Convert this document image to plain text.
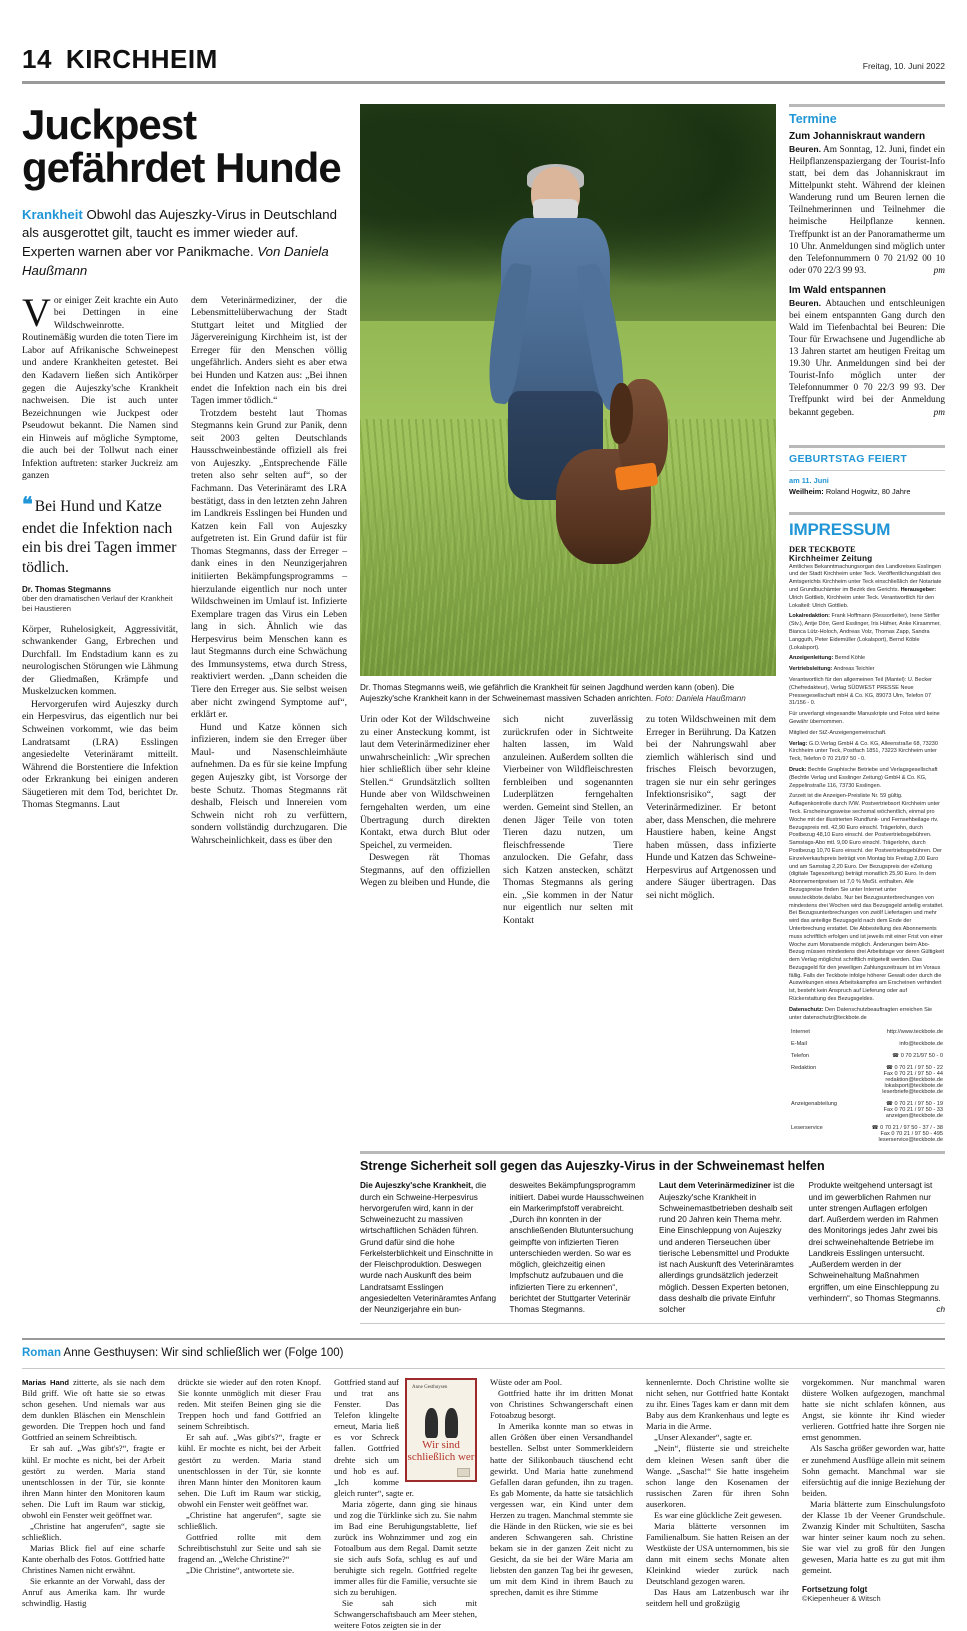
14 KIRCHHEIM	Freitag, 10. Juni 2022
Juckpest gefährdet Hunde
Krankheit Obwohl das Aujeszky-Virus in Deutschland als ausgerottet gilt, taucht es immer wieder auf. Experten warnen aber vor Panikmache. Von Daniela Haußmann

Vor einiger Zeit krachte ein Auto bei Dettingen in eine Wildschweinrotte. Routinemäßig wurden die toten Tiere im Labor auf Afrikanische Schweinepest und andere Krankheiten getestet. Bei den Kadavern ließen sich Antikörper gegen die Aujeszky'sche Krankheit nachweisen. Die ist auch unter Bezeichnungen wie Juckpest oder Pseudowut bekannt. Die Namen sind ein Hinweis auf mögliche Symptome, die auch bei der Tollwut nach einer Infektion auftreten: starker Juckreiz am ganzen

❝ Bei Hund und Katze endet die Infektion nach ein bis drei Tagen immer tödlich.
Dr. Thomas Stegmanns
über den dramatischen Verlauf der Krankheit bei Haustieren

Körper, Ruhelosigkeit, Aggressivität, schwankender Gang, Erbrechen und Durchfall. Im Endstadium kann es zu neurologischen Störungen wie Lähmung der Gliedmaßen, Krämpfe und Muskelzucken kommen.

Hervorgerufen wird Aujeszky durch ein Herpesvirus, das eigentlich nur bei Schweinen vorkommt, wie das beim Landratsamt (LRA) Esslingen angesiedelte Veterinäramt mitteilt. Während die Borstentiere die Infektion oder Erkrankung bei einigen anderen Säugetieren mit dem Tod, berichtet Dr. Thomas Stegmanns. Laut

dem Veterinärmediziner, der die Lebensmittelüberwachung der Stadt Stuttgart leitet und Mitglied der Jägervereinigung Kirchheim ist, ist der Erreger für den Menschen völlig ungefährlich. Anders sieht es aber etwa bei Hunden und Katzen aus: „Bei ihnen endet die Infektion nach ein bis drei Tagen immer tödlich.“

Trotzdem besteht laut Thomas Stegmanns kein Grund zur Panik, denn seit 2003 gelten Deutschlands Hausschweinbestände offiziell als frei von Aujeszky. „Entsprechende Fälle treten also sehr selten auf“, so der Fachmann. Das Veterinäramt des LRA bestätigt, dass in den letzten zehn Jahren im Landkreis Esslingen bei Hunden und Katzen kein Fall von Aujeszky aufgetreten ist. Ein Grund dafür ist für Thomas Stegmanns, dass der Erreger – dank eines in den Neunzigerjahren initiierten Bekämpfungsprogramms – hierzulande eigentlich nur noch unter Wildschweinen im Umlauf ist. Infizierte Exemplare tragen das Virus ein Leben lang in sich. Ähnlich wie das Herpesvirus beim Menschen kann es laut Stegmanns durch eine Schwächung des Immunsystems, etwa durch Stress, reaktiviert werden. „Dann scheiden die Tiere den Erreger aus. Sie selbst weisen aber nicht zwingend Symptome auf“, erklärt er.

Hund und Katze können sich infizieren, indem sie den Erreger über Maul- und Nasenschleimhäute aufnehmen. Da es für sie keine Impfung gegen Aujeszky gibt, ist Vorsorge der beste Schutz. Thomas Stegmanns rät deshalb, Fleisch und Innereien vom Schwein nicht roh zu verfüttern, sondern vollständig durchzugaren. Die Wahrscheinlichkeit, dass es über den

Dr. Thomas Stegmanns weiß, wie gefährlich die Krankheit für seinen Jagdhund werden kann (oben). Die Aujeszky'sche Krankheit kann in der Schweinemast massiven Schaden anrichten. Foto: Daniela Haußmann

Urin oder Kot der Wildschweine zu einer Ansteckung kommt, ist laut dem Veterinärmediziner eher unwahrscheinlich: „Wir sprechen hier schließlich über sehr kleine Stellen.“ Grundsätzlich sollten Hunde aber von Wildschweinen ferngehalten werden, um eine Übertragung durch direkten Kontakt, etwa durch Blut oder Speichel, zu vermeiden.

Deswegen rät Thomas Stegmanns, auf den offiziellen Wegen zu bleiben und Hunde, die

sich nicht zuverlässig zurückrufen oder in Sichtweite halten lassen, im Wald anzuleinen. Außerdem sollten die Vierbeiner von Wildfleischresten fernbleiben und sogenannten Luderplätzen ferngehalten werden. Gemeint sind Stellen, an denen Jäger Teile von toten Tieren dazu nutzen, um fleischfressende Tiere anzulocken. Die Gefahr, dass sich Katzen anstecken, schätzt Thomas Stegmanns als gering ein. „Sie kommen in der Natur nur eigentlich nur selten mit Kontakt

zu toten Wildschweinen mit dem Erreger in Berührung. Da Katzen bei der Nahrungswahl aber ziemlich wählerisch sind und frisches Fleisch bevorzugen, tragen sie nur ein sehr geringes Infektionsrisiko“, sagt der Veterinärmediziner. Er betont aber, dass Menschen, die mehrere Haustiere haben, keine Angst haben müssen, dass infizierte Hunde und Katzen das Schweine-Herpesvirus auf Artgenossen und andere Säuger übertragen. Das sei nicht möglich.

Termine
Zum Johanniskraut wandern

Beuren. Am Sonntag, 12. Juni, findet ein Heilpflanzenspaziergang der Tourist-Info statt, bei dem das Johanniskraut im Mittelpunkt steht. Während der kleinen Wanderung rund um Beuren lernen die Teilnehmerinnen und Teilnehmer die heimische Heilpflanze kennen. Treffpunkt ist an der Panoramatherme um 10 Uhr. Anmeldungen sind möglich unter den Telefonnummern 0 70 21/92 00 10 oder 070 22/3 99 93.	pm

Im Wald entspannen

Beuren. Abtauchen und entschleunigen bei einem entspannten Gang durch den Wald im Tiefenbachtal bei Beuren: Die Tour für Erwachsene und Jugendliche ab 13 Jahren startet am heutigen Freitag um 19.30 Uhr. Anmeldungen sind bei der Tourist-Info möglich unter der Telefonnummer 0 70 22/3 99 93. Der Treffpunkt wird bei der Anmeldung bekannt gegeben.	pm

GEBURTSTAG FEIERT
am 11. Juni
Weilheim: Roland Hogwitz, 80 Jahre
IMPRESSUM
DER TECKBOTE
Kirchheimer Zeitung
Amtliches Bekanntmachungsorgan des Landkreises Esslingen und der Stadt Kirchheim unter Teck. Veröffentlichungsblatt des Amtsgerichts Kirchheim unter Teck einschließlich der Notariate und Grundbuchämter im Bezirk des Gerichts. Herausgeber: Ulrich Gottlieb, Kirchheim unter Teck. Verantwortlich für den Lokalteil: Ulrich Gottlieb.
Lokalredaktion: Frank Hoffmann (Ressortleiter), Irene Strifler (Stv.), Antje Dörr, Gerd Esslinger, Iris Häfner, Anke Kirsammer, Bianca Lütz-Holoch, Andreas Volz, Thomas Zapp, Sandra Langguth, Peter Eidemüller (Lokalsport), Bernd Köble (Lokalsport).
Anzeigenleitung: Bernd Köhle
Vertriebsleitung: Andreas Teichler
Verantwortlich für den allgemeinen Teil (Mantel): U. Becker (Chefredakteur), Verlag SÜDWEST PRESSE Neue Pressegesellschaft mbH & Co. KG, 89073 Ulm, Telefon 07 31/156 - 0.
Für unverlangt eingesandte Manuskripte und Fotos wird keine Gewähr übernommen.
Mitglied der StZ-Anzeigengemeinschaft.
Verlag: G.O.Verlag GmbH & Co. KG, Alleenstraße 68, 73230 Kirchheim unter Teck, Postfach 1851, 73223 Kirchheim unter Teck, Telefon 0 70 21/97 50 - 0.
Druck: Bechtle Graphische Betriebe und Verlagsgesellschaft (Bechtle Verlag und Esslinger Zeitung) GmbH & Co. KG, Zeppelinstraße 116, 73730 Esslingen.
Zurzeit ist die Anzeigen-Preisliste Nr. 59 gültig. Auflagenkontrolle durch IVW. Postvertriebsort Kirchheim unter Teck. Erscheinungsweise sechsmal wöchentlich, einmal pro Woche mit der illustrierten Rundfunk- und Fernsehbeilage rtv. Bezugspreis mtl. 42,90 Euro einschl. Trägerlohn, durch Postbezug 48,10 Euro einschl. der Postvertriebsgebühren. Samstags-Abo mtl. 9,00 Euro einschl. Trägerlohn, durch Postbezug 10,70 Euro einschl. der Postvertriebsgebühren. Der Einzelverkaufspreis beträgt von Montag bis Freitag 2,00 Euro und am Samstag 2,20 Euro. Der Bezugspreis der eZeitung (digitale Tageszeitung) beträgt monatlich 25,90 Euro. In dem Abonnementpreisen ist 7,0 % MwSt. enthalten. Alle Bezugspreise finden Sie unter Internet unter www.teckbote.de/abo. Nur bei Bezugsunterbrechungen von mindestens drei Wochen wird das Bezugsgeld anteilig erstattet. Bei Bezugsunterbrechungen von zwölf Liefertagen und mehr wird das anteilige Bezugsgeld nach dem Ende der Unterbrechung erstattet. Die Abbestellung des Abonnements muss schriftlich erfolgen und ist jeweils mit einer Frist von einer Woche zum Monatsende möglich. Änderungen beim Abo-Bezug müssen mindestens drei Arbeitstage vor deren Gültigkeit dem Verlag möglichst schriftlich mitgeteilt werden. Das Bezugsgeld für den jeweiligen Zahlungszeitraum ist im Voraus fällig. Falls der Teckbote infolge höherer Gewalt oder durch die Auswirkungen eines Arbeitskampfes am Erscheinen verhindert ist, besteht kein Anspruch auf Lieferung oder auf Rückerstattung des Bezugsgeldes.
Datenschutz: Den Datenschutzbeauftragten erreichen Sie unter datenschutz@teckbote.de
Internet	http://www.teckbote.de
E-Mail	info@teckbote.de
Telefon	☎ 0 70 21/97 50 - 0
Redaktion	☎ 0 70 21 / 97 50 - 22
Fax 0 70 21 / 97 50 - 44
redaktion@teckbote.de
lokalsport@teckbote.de
leserbriefe@teckbote.de
Anzeigenabteilung	☎ 0 70 21 / 97 50 - 19
Fax 0 70 21 / 97 50 - 33
anzeigen@teckbote.de
Leserservice	☎ 0 70 21 / 97 50 - 37 / - 38
Fax 0 70 21 / 97 50 - 495
leserservice@teckbote.de
Strenge Sicherheit soll gegen das Aujeszky-Virus in der Schweinemast helfen

Die Aujeszky'sche Krankheit, die durch ein Schweine-Herpesvirus hervorgerufen wird, kann in der Schweinezucht zu massiven wirtschaftlichen Schäden führen. Grund dafür sind die hohe Ferkelsterblichkeit und Einschnitte in der Fleischproduktion. Deswegen wurde nach Auskunft des beim Landratsamt Esslingen angesiedelten Veterinäramtes Anfang der Neunzigerjahre ein bun-

desweites Bekämpfungsprogramm initiiert. Dabei wurde Hausschweinen ein Markerimpfstoff verabreicht. „Durch ihn konnten in der anschließenden Blutuntersuchung geimpfte von infizierten Tieren unterschieden werden. So war es möglich, gleichzeitig einen Impfschutz aufzubauen und die infizierten Tiere zu erkennen“, berichtet der Stuttgarter Veterinär Thomas Stegmanns.

Laut dem Veterinärmediziner ist die Aujeszky'sche Krankheit in Schweinemastbetrieben deshalb seit rund 20 Jahren kein Thema mehr. Eine Einschleppung von Aujeszky und anderen Tierseuchen über tierische Lebensmittel und Produkte ist nach Auskunft des Veterinäramtes allerdings grundsätzlich jederzeit möglich. Dessen Experten betonen, dass deshalb die private Einfuhr solcher

Produkte weitgehend untersagt ist und im gewerblichen Rahmen nur unter strengen Auflagen erfolgen darf. Außerdem werden im Rahmen des Monitorings jedes Jahr zwei bis drei schweinehaltende Betriebe im Landkreis Esslingen untersucht. „Außerdem werden in der Schweinehaltung Maßnahmen ergriffen, um eine Einschleppung zu verhindern“, so Thomas Stegmanns.
ch

Roman Anne Gesthuysen: Wir sind schließlich wer (Folge 100)

Marias Hand zitterte, als sie nach dem Bild griff. Wie oft hatte sie so etwas schon gesehen. Und niemals war aus dem dunklen Bläschen ein Menschlein geworden. Die Treppen hoch und fand Gottfried an seinem Schreibtisch.

Er sah auf. „Was gibt's?“, fragte er kühl. Er mochte es nicht, bei der Arbeit gestört zu werden. Maria stand unentschlossen in der Tür, sie konnte ihren Mann hinter den Monitoren kaum sehen. Die Luft im Raum war stickig, obwohl ein Fenster weit geöffnet war.

„Christine hat angerufen“, sagte sie schließlich.

Marias Blick fiel auf eine scharfe Kante oberhalb des Fotos. Gottfried hatte Christines Namen nicht erwähnt.

Sie erkannte an der Vorwahl, dass der Anruf aus Amerika kam. Ihr wurde schwindlig. Hastig

drückte sie wieder auf den roten Knopf. Sie konnte unmöglich mit dieser Frau reden. Mit steifen Beinen ging sie die Treppen hoch und fand Gottfried an seinem Schreibtisch.

Er sah auf. „Was gibt's?“, fragte er kühl. Er mochte es nicht, bei der Arbeit gestört zu werden. Maria stand unentschlossen in der Tür, sie konnte ihren Mann hinter den Monitoren kaum sehen. Die Luft im Raum war stickig, obwohl ein Fenster weit geöffnet war.

„Christine hat angerufen“, sagte sie schließlich.

Gottfried rollte mit dem Schreibtischstuhl zur Seite und sah sie fragend an. „Welche Christine?“

„Die Christine“, antwortete sie.

Anne Gesthuysen
Wir sind schließlich wer

Gottfried stand auf und trat ans Fenster. Das Telefon klingelte erneut, Maria ließ es vor Schreck fallen. Gottfried drehte sich um und hob es auf. „Ich komme gleich runter“, sagte er.

Maria zögerte, dann ging sie hinaus und zog die Türklinke sich zu. Sie nahm im Bad eine Beruhigungstablette, lief zurück ins Wohnzimmer und zog ein Fotoalbum aus dem Regal. Damit setzte sie sich aufs Sofa, schlug es auf und beruhigte sich regeln. Gottfried regelte immer alles für die Familie, versuchte sie sich zu beruhigen.

Sie sah sich mit Schwangerschaftsbauch am Meer stehen, weitere Fotos zeigten sie in der

Wüste oder am Pool.

Gottfried hatte ihr im dritten Monat von Christines Schwangerschaft einen Fotoabzug besorgt.

In Amerika konnte man so etwas in allen Größen über einen Versandhandel bestellen. Selbst unter Sommerkleidern hatte der Silikonbauch täuschend echt gewirkt. Und Maria hatte zunehmend Gefallen daran gefunden, ihn zu tragen. Es gab Momente, da hatte sie tatsächlich vergessen war, ein Kind unter dem Herzen zu tragen. Manchmal stemmte sie die Hände in den Rücken, wie sie es bei anderen Schwangeren sah. Christine bekam sie in der ganzen Zeit nicht zu Gesicht, da sie bei der Wäre Maria am liebsten den ganzen Tag bei ihr gewesen, um mit dem Kind in ihrem Bauch zu sprechen, damit es ihre Stimme

kennenlernte. Doch Christine wollte sie nicht sehen, nur Gottfried hatte Kontakt zu ihr. Eines Tages kam er dann mit dem Baby aus dem Krankenhaus und legte es Maria in die Arme.

„Unser Alexander“, sagte er.

„Nein“, flüsterte sie und streichelte dem kleinen Wesen sanft über die Wange. „Sascha!“ Sie hatte insgeheim schon lange den Kosenamen der russischen Zaren für ihren Sohn auserkoren.

Es war eine glückliche Zeit gewesen.

Maria blätterte versonnen im Familienalbum. Sie hatten Reisen an der Westküste der USA unternommen, bis sie dann mit einem sechs Monate alten Kleinkind wieder zurück nach Deutschland gezogen waren.

Das Haus am Latzenbusch war ihr seitdem hell und großzügig

vorgekommen. Nur manchmal waren düstere Wolken aufgezogen, manchmal hatte sie nicht schlafen können, aus Angst, sie könnte ihr Kind wieder verlieren. Gottfried hatte ihre Sorgen nie ernst genommen.

Als Sascha größer geworden war, hatte er zunehmend Ausflüge allein mit seinem Sohn gemacht. Manchmal war sie eifersüchtig auf die innige Beziehung der beiden.

Maria blätterte zum Einschulungsfoto der Klasse 1b der Veener Grundschule. Zwanzig Kinder mit Schultüten, Sascha war hinter seiner kaum noch zu sehen. Sie war viel zu groß für den Jungen gewesen, Maria hatte es zu gut mit ihm gemeint.

Fortsetzung folgt
©Kiepenheuer & Witsch
